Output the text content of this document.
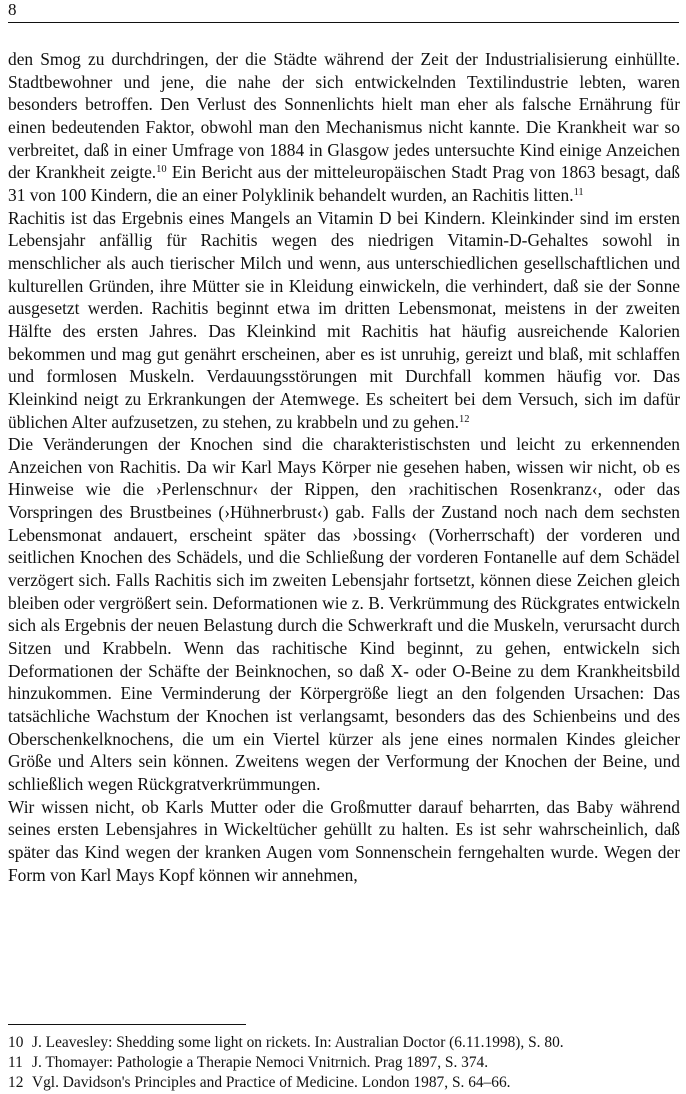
8

den Smog zu durchdringen, der die Städte während der Zeit der Industrialisierung einhüllte. Stadtbewohner und jene, die nahe der sich entwickelnden Textilindustrie lebten, waren besonders betroffen. Den Verlust des Sonnenlichts hielt man eher als falsche Ernährung für einen bedeutenden Faktor, obwohl man den Mechanismus nicht kannte. Die Krankheit war so verbreitet, daß in einer Umfrage von 1884 in Glasgow jedes untersuchte Kind einige Anzeichen der Krankheit zeigte.$^{10}$ Ein Bericht aus der mitteleuropäischen Stadt Prag von 1863 besagt, daß 31 von 100 Kindern, die an einer Polyklinik behandelt wurden, an Rachitis litten.$^{11}$

Rachitis ist das Ergebnis eines Mangels an Vitamin D bei Kindern. Kleinkinder sind im ersten Lebensjahr anfällig für Rachitis wegen des niedrigen Vitamin-D-Gehaltes sowohl in menschlicher als auch tierischer Milch und wenn, aus unterschiedlichen gesellschaftlichen und kulturellen Gründen, ihre Mütter sie in Kleidung einwickeln, die verhindert, daß sie der Sonne ausgesetzt werden. Rachitis beginnt etwa im dritten Lebensmonat, meistens in der zweiten Hälfte des ersten Jahres. Das Kleinkind mit Rachitis hat häufig ausreichende Kalorien bekommen und mag gut genährt erscheinen, aber es ist unruhig, gereizt und blaß, mit schlaffen und formlosen Muskeln. Verdauungsstörungen mit Durchfall kommen häufig vor. Das Kleinkind neigt zu Erkrankungen der Atemwege. Es scheitert bei dem Versuch, sich im dafür üblichen Alter aufzusetzen, zu stehen, zu krabbeln und zu gehen.$^{12}$

Die Veränderungen der Knochen sind die charakteristischsten und leicht zu erkennenden Anzeichen von Rachitis. Da wir Karl Mays Körper nie gesehen haben, wissen wir nicht, ob es Hinweise wie die ›Perlenschnur‹ der Rippen, den ›rachitischen Rosenkranz‹, oder das Vorspringen des Brustbeines (›Hühnerbrust‹) gab. Falls der Zustand noch nach dem sechsten Lebensmonat andauert, erscheint später das ›bossing‹ (Vorherrschaft) der vorderen und seitlichen Knochen des Schädels, und die Schließung der vorderen Fontanelle auf dem Schädel verzögert sich. Falls Rachitis sich im zweiten Lebensjahr fortsetzt, können diese Zeichen gleich bleiben oder vergrößert sein. Deformationen wie z. B. Verkrümmung des Rückgrates entwickeln sich als Ergebnis der neuen Belastung durch die Schwerkraft und die Muskeln, verursacht durch Sitzen und Krabbeln. Wenn das rachitische Kind beginnt, zu gehen, entwickeln sich Deformationen der Schäfte der Beinknochen, so daß X- oder O-Beine zu dem Krankheitsbild hinzukommen. Eine Verminderung der Körpergröße liegt an den folgenden Ursachen: Das tatsächliche Wachstum der Knochen ist verlangsamt, besonders das des Schienbeins und des Oberschenkelknochens, die um ein Viertel kürzer als jene eines normalen Kindes gleicher Größe und Alters sein können. Zweitens wegen der Verformung der Knochen der Beine, und schließlich wegen Rückgratverkrümmungen.

Wir wissen nicht, ob Karls Mutter oder die Großmutter darauf beharrten, das Baby während seines ersten Lebensjahres in Wickeltücher gehüllt zu halten. Es ist sehr wahrscheinlich, daß später das Kind wegen der kranken Augen vom Sonnenschein ferngehalten wurde. Wegen der Form von Karl Mays Kopf können wir annehmen,

10 J. Leavesley: Shedding some light on rickets. In: Australian Doctor (6.11.1998), S. 80.
11 J. Thomayer: Pathologie a Therapie Nemoci Vnitrnich. Prag 1897, S. 374.
12 Vgl. Davidson's Principles and Practice of Medicine. London 1987, S. 64–66.
